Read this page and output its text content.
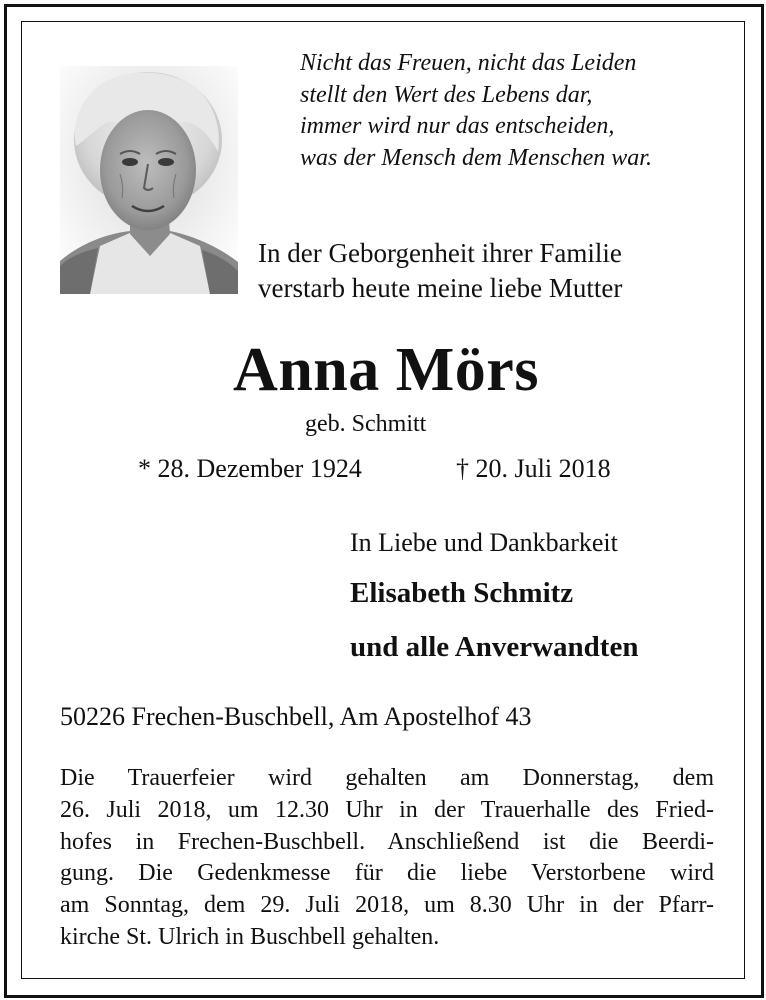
Nicht das Freuen, nicht das Leiden
stellt den Wert des Lebens dar,
immer wird nur das entscheiden,
was der Mensch dem Menschen war.
In der Geborgenheit ihrer Familie
verstarb heute meine liebe Mutter
Anna Mörs
geb. Schmitt
* 28. Dezember 1924	† 20. Juli 2018
In Liebe und Dankbarkeit
Elisabeth Schmitz
und alle Anverwandten
50226 Frechen-Buschbell, Am Apostelhof 43
Die Trauerfeier wird gehalten am Donnerstag, dem
26. Juli 2018, um 12.30 Uhr in der Trauerhalle des Fried-
hofes in Frechen-Buschbell. Anschließend ist die Beerdi-
gung. Die Gedenkmesse für die liebe Verstorbene wird
am Sonntag, dem 29. Juli 2018, um 8.30 Uhr in der Pfarr-
kirche St. Ulrich in Buschbell gehalten.
